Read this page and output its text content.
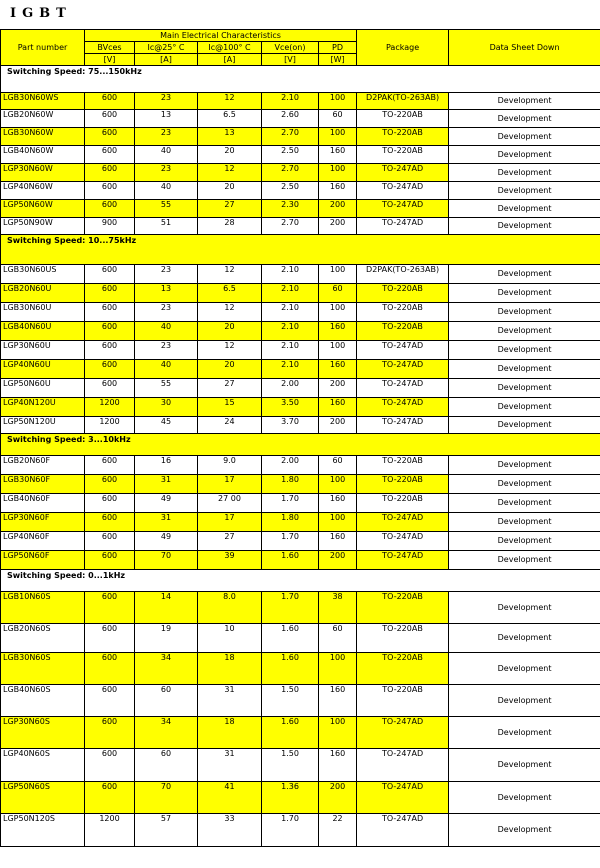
IGBT
Part number	Main Electrical Characteristics					Package	Data Sheet Down
	BVces	Ic@25° C	Ic@100° C	Vce(on)	PD		
	[V]	[A]	[A]	[V]	[W]		
Switching Speed: 75...150kHz							
LGB30N60WS	600	23	12	2.10	100	D2PAK(TO-263AB)	Development
LGB20N60W	600	13	6.5	2.60	60	TO-220AB	Development
LGB30N60W	600	23	13	2.70	100	TO-220AB	Development
LGB40N60W	600	40	20	2.50	160	TO-220AB	Development
LGP30N60W	600	23	12	2.70	100	TO-247AD	Development
LGP40N60W	600	40	20	2.50	160	TO-247AD	Development
LGP50N60W	600	55	27	2.30	200	TO-247AD	Development
LGP50N90W	900	51	28	2.70	200	TO-247AD	Development
Switching Speed: 10...75kHz							
LGB30N60US	600	23	12	2.10	100	D2PAK(TO-263AB)	Development
LGB20N60U	600	13	6.5	2.10	60	TO-220AB	Development
LGB30N60U	600	23	12	2.10	100	TO-220AB	Development
LGB40N60U	600	40	20	2.10	160	TO-220AB	Development
LGP30N60U	600	23	12	2.10	100	TO-247AD	Development
LGP40N60U	600	40	20	2.10	160	TO-247AD	Development
LGP50N60U	600	55	27	2.00	200	TO-247AD	Development
LGP40N120U	1200	30	15	3.50	160	TO-247AD	Development
LGP50N120U	1200	45	24	3.70	200	TO-247AD	Development
Switching Speed: 3...10kHz							
LGB20N60F	600	16	9.0	2.00	60	TO-220AB	Development
LGB30N60F	600	31	17	1.80	100	TO-220AB	Development
LGB40N60F	600	49	27 00	1.70	160	TO-220AB	Development
LGP30N60F	600	31	17	1.80	100	TO-247AD	Development
LGP40N60F	600	49	27	1.70	160	TO-247AD	Development
LGP50N60F	600	70	39	1.60	200	TO-247AD	Development
Switching Speed: 0...1kHz							
LGB10N60S	600	14	8.0	1.70	38	TO-220AB	Development
LGB20N60S	600	19	10	1.60	60	TO-220AB	Development
LGB30N60S	600	34	18	1.60	100	TO-220AB	Development
LGB40N60S	600	60	31	1.50	160	TO-220AB	Development
LGP30N60S	600	34	18	1.60	100	TO-247AD	Development
LGP40N60S	600	60	31	1.50	160	TO-247AD	Development
LGP50N60S	600	70	41	1.36	200	TO-247AD	Development
LGP50N120S	1200	57	33	1.70	22	TO-247AD	Development
